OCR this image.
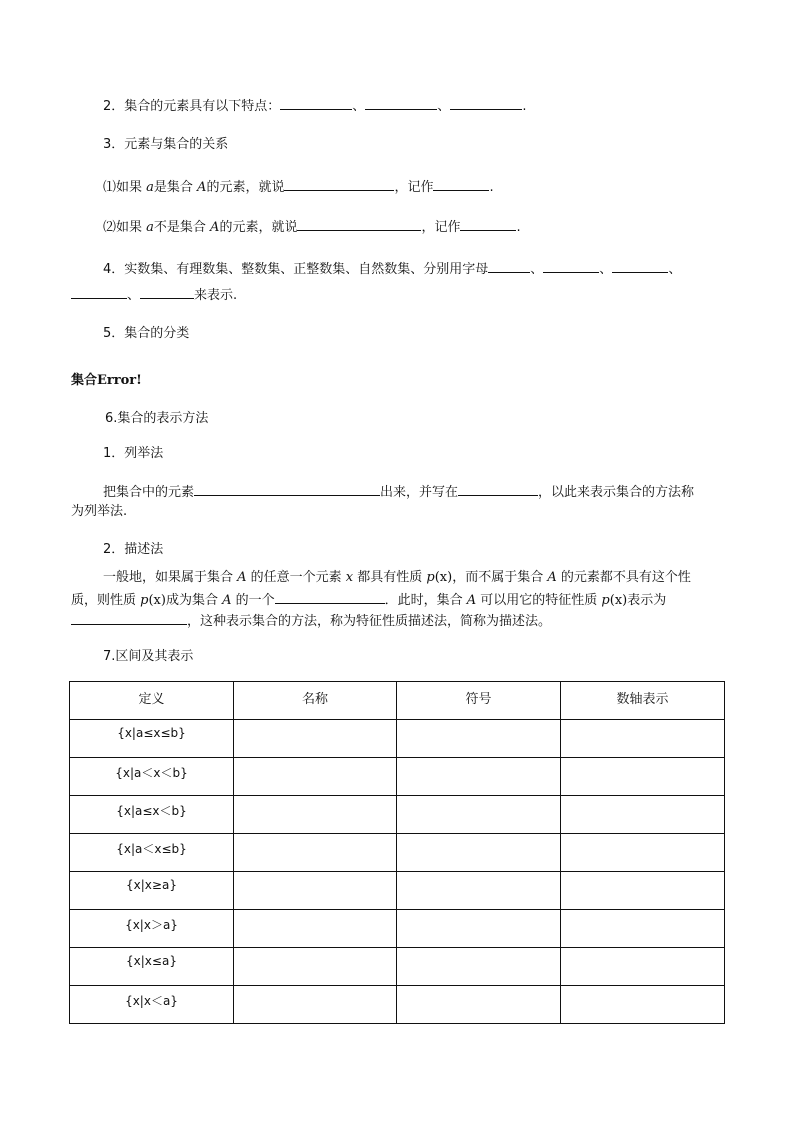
2．集合的元素具有以下特点：	、	、	.
3．元素与集合的关系
⑴如果 a是集合 A的元素，就说	，记作	.
⑵如果 a不是集合 A的元素，就说	，记作	.
4．实数集、有理数集、整数集、正整数集、自然数集、分别用字母	、	、	、
、	来表示.
5．集合的分类
集合Error!
6.集合的表示方法
1．列举法
把集合中的元素	出来，并写在	，以此来表示集合的方法称
为列举法.
2．描述法
一般地，如果属于集合 A 的任意一个元素 x 都具有性质 p(x)，而不属于集合 A 的元素都不具有这个性
质，则性质 p(x)成为集合 A 的一个	．此时，集合 A 可以用它的特征性质 p(x)表示为
，这种表示集合的方法，称为特征性质描述法，简称为描述法。
7.区间及其表示
定义	名称	符号	数轴表示
{x|a≤x≤b}			
{x|a＜x＜b}			
{x|a≤x＜b}			
{x|a＜x≤b}			
{x|x≥a}			
{x|x＞a}			
{x|x≤a}			
{x|x＜a}			
